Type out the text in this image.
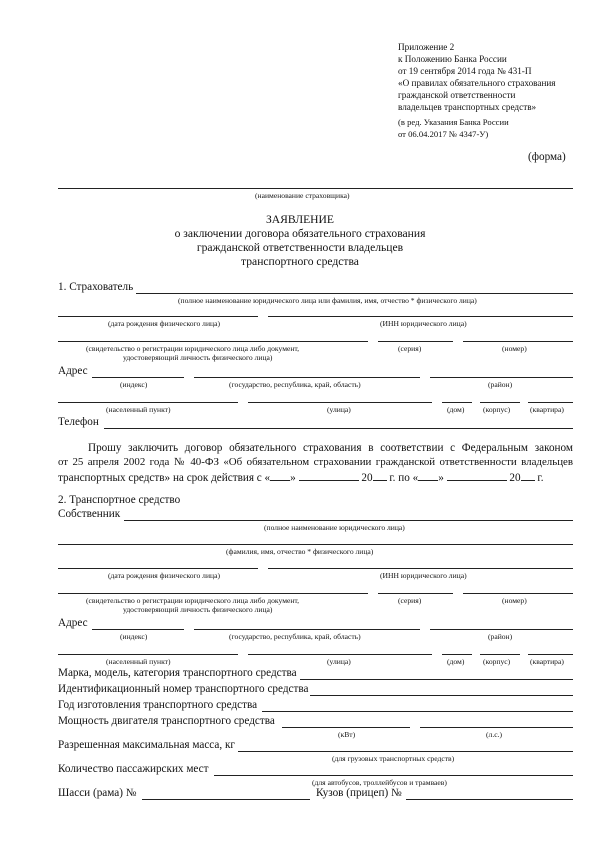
Приложение 2
к Положению Банка России
от 19 сентября 2014 года № 431-П
«О правилах обязательного страхования
гражданской ответственности
владельцев транспортных средств»
(в ред. Указания Банка России
от 06.04.2017 № 4347-У)
(форма)
(наименование страховщика)
ЗАЯВЛЕНИЕ
о заключении договора обязательного страхования
гражданской ответственности владельцев
транспортного средства
1. Страхователь
(полное наименование юридического лица или фамилия, имя, отчество * физического лица)
(дата рождения физического лица)	(ИНН юридического лица)
(свидетельство о регистрации юридического лица либо документ,
удостоверяющий личность физического лица)
(серия)	(номер)
Адрес
(индекс)	(государство, республика, край, область)	(район)
(населенный пункт)	(улица)	(дом) (корпус)	(квартира)
Телефон
Прошу заключить договор обязательного страхования в соответствии с Федеральным законом
от 25 апреля 2002 года № 40-ФЗ «Об обязательном страховании гражданской ответственности владельцев
транспортных средств» на срок действия с « »	20 г. по « »	20 г.
2. Транспортное средство
Собственник
(полное наименование юридического лица)
(фамилия, имя, отчество * физического лица)
(дата рождения физического лица)	(ИНН юридического лица)
(свидетельство о регистрации юридического лица либо документ,
удостоверяющий личность физического лица)
(серия)	(номер)
Адрес
(индекс)	(государство, республика, край, область)	(район)
(населенный пункт)	(улица)	(дом) (корпус)	(квартира)
Марка, модель, категория транспортного средства
Идентификационный номер транспортного средства
Год изготовления транспортного средства
Мощность двигателя транспортного средства
(кВт)	(л.с.)
Разрешенная максимальная масса, кг
(для грузовых транспортных средств)
Количество пассажирских мест
(для автобусов, троллейбусов и трамваев)
Шасси (рама) №	Кузов (прицеп) №
